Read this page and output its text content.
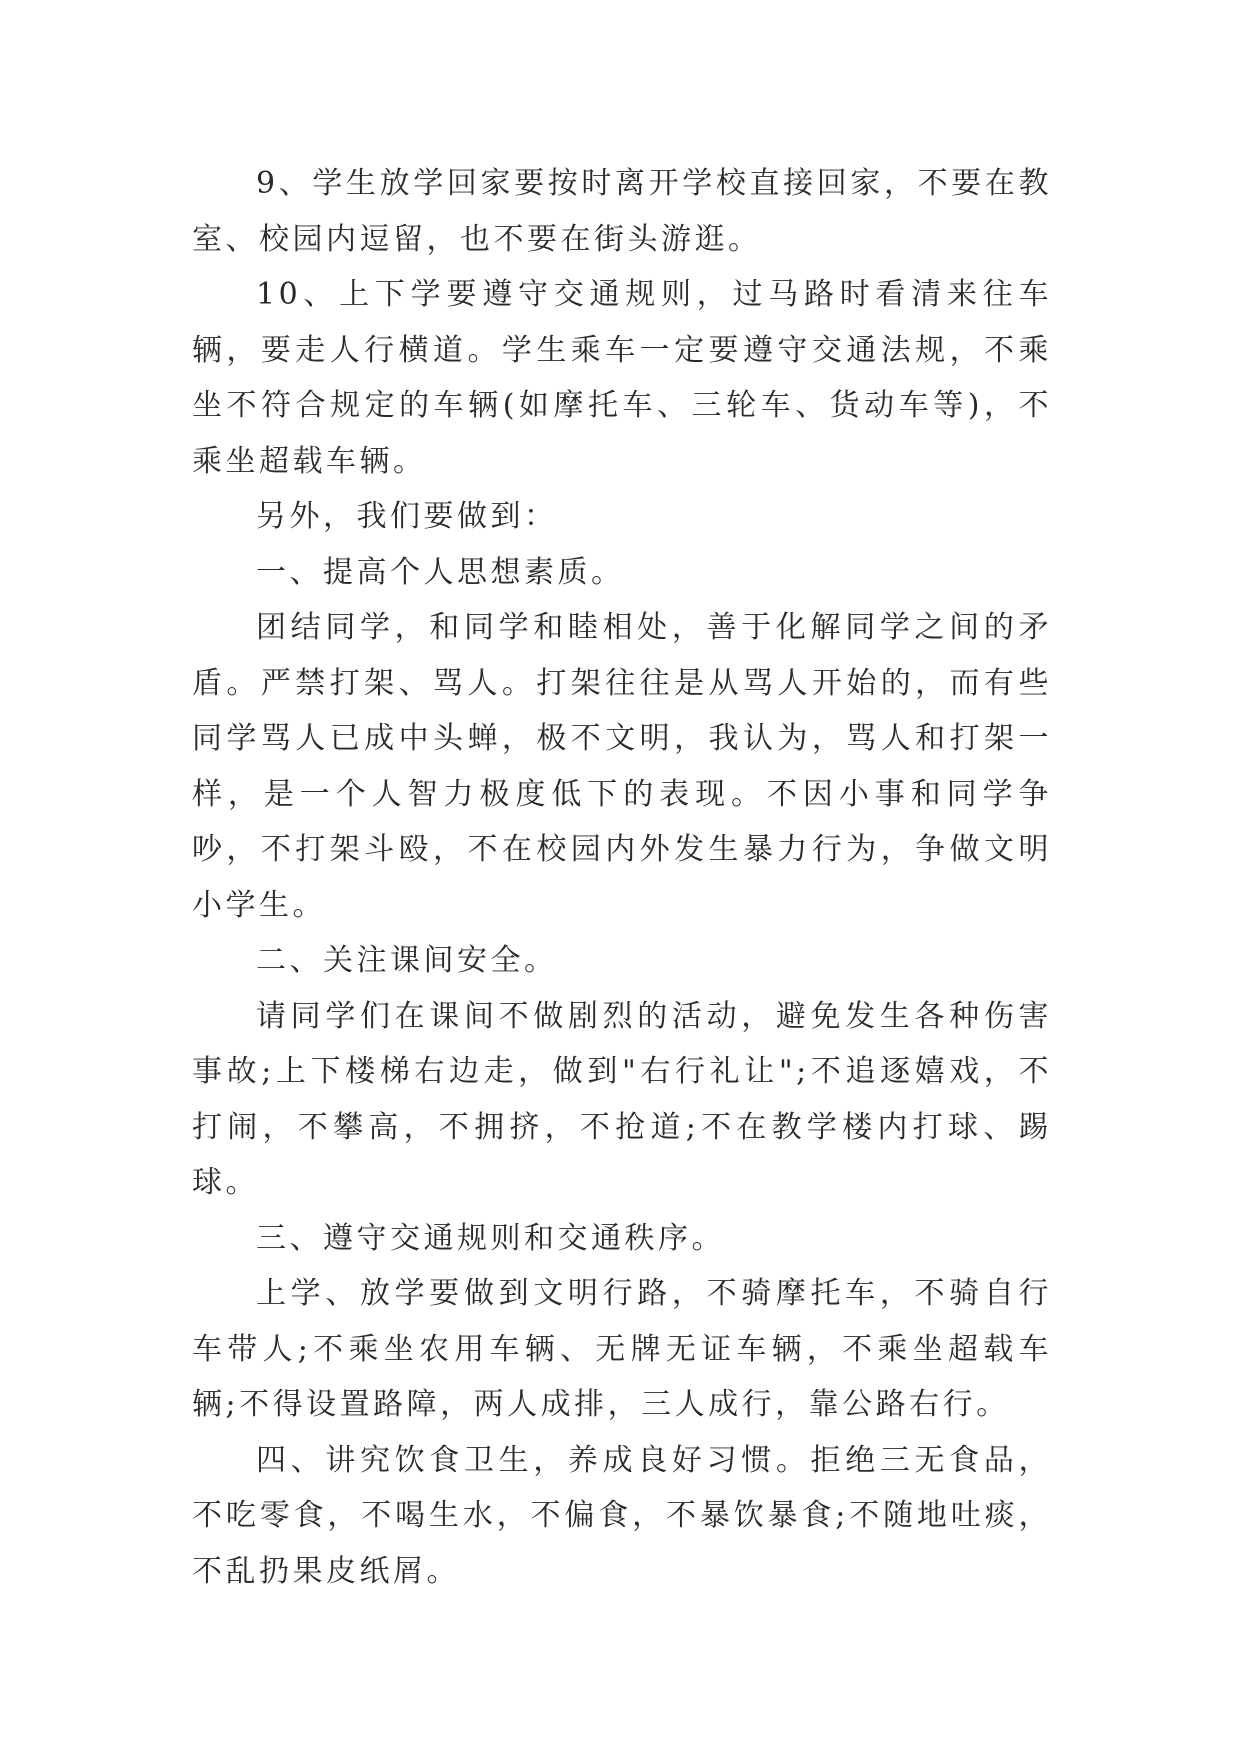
9、学生放学回家要按时离开学校直接回家，不要在教室、校园内逗留，也不要在街头游逛。

10、上下学要遵守交通规则，过马路时看清来往车辆，要走人行横道。学生乘车一定要遵守交通法规，不乘坐不符合规定的车辆(如摩托车、三轮车、货动车等)，不乘坐超载车辆。

另外，我们要做到：

一、提高个人思想素质。

团结同学，和同学和睦相处，善于化解同学之间的矛盾。严禁打架、骂人。打架往往是从骂人开始的，而有些同学骂人已成中头蝉，极不文明，我认为，骂人和打架一样，是一个人智力极度低下的表现。不因小事和同学争吵，不打架斗殴，不在校园内外发生暴力行为，争做文明小学生。

二、关注课间安全。

请同学们在课间不做剧烈的活动，避免发生各种伤害事故;上下楼梯右边走，做到"右行礼让";不追逐嬉戏，不打闹，不攀高，不拥挤，不抢道;不在教学楼内打球、踢球。

三、遵守交通规则和交通秩序。

上学、放学要做到文明行路，不骑摩托车，不骑自行车带人;不乘坐农用车辆、无牌无证车辆，不乘坐超载车辆;不得设置路障，两人成排，三人成行，靠公路右行。

四、讲究饮食卫生，养成良好习惯。拒绝三无食品，不吃零食，不喝生水，不偏食，不暴饮暴食;不随地吐痰，不乱扔果皮纸屑。
